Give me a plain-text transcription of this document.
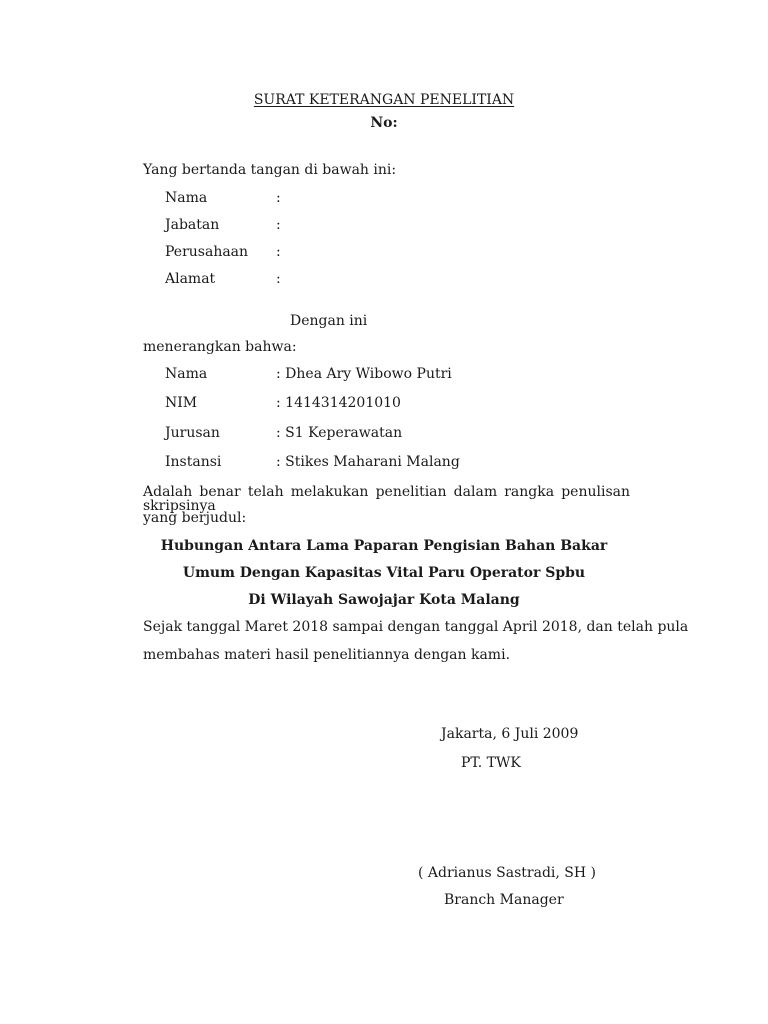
SURAT KETERANGAN PENELITIAN
No:
Yang bertanda tangan di bawah ini:
Nama	:
Jabatan	:
Perusahaan :
Alamat	:
Dengan ini
menerangkan bahwa:
Nama	: Dhea Ary Wibowo Putri
NIM	: 1414314201010
Jurusan	: S1 Keperawatan
Instansi	: Stikes Maharani Malang
Adalah benar telah melakukan penelitian dalam rangka penulisan skripsinya
yang berjudul:
Hubungan Antara Lama Paparan Pengisian Bahan Bakar
Umum Dengan Kapasitas Vital Paru Operator Spbu
Di Wilayah Sawojajar Kota Malang
Sejak tanggal Maret 2018 sampai dengan tanggal April 2018, dan telah pula
membahas materi hasil penelitiannya dengan kami.
Jakarta, 6 Juli 2009
PT. TWK
( Adrianus Sastradi, SH )
Branch Manager
